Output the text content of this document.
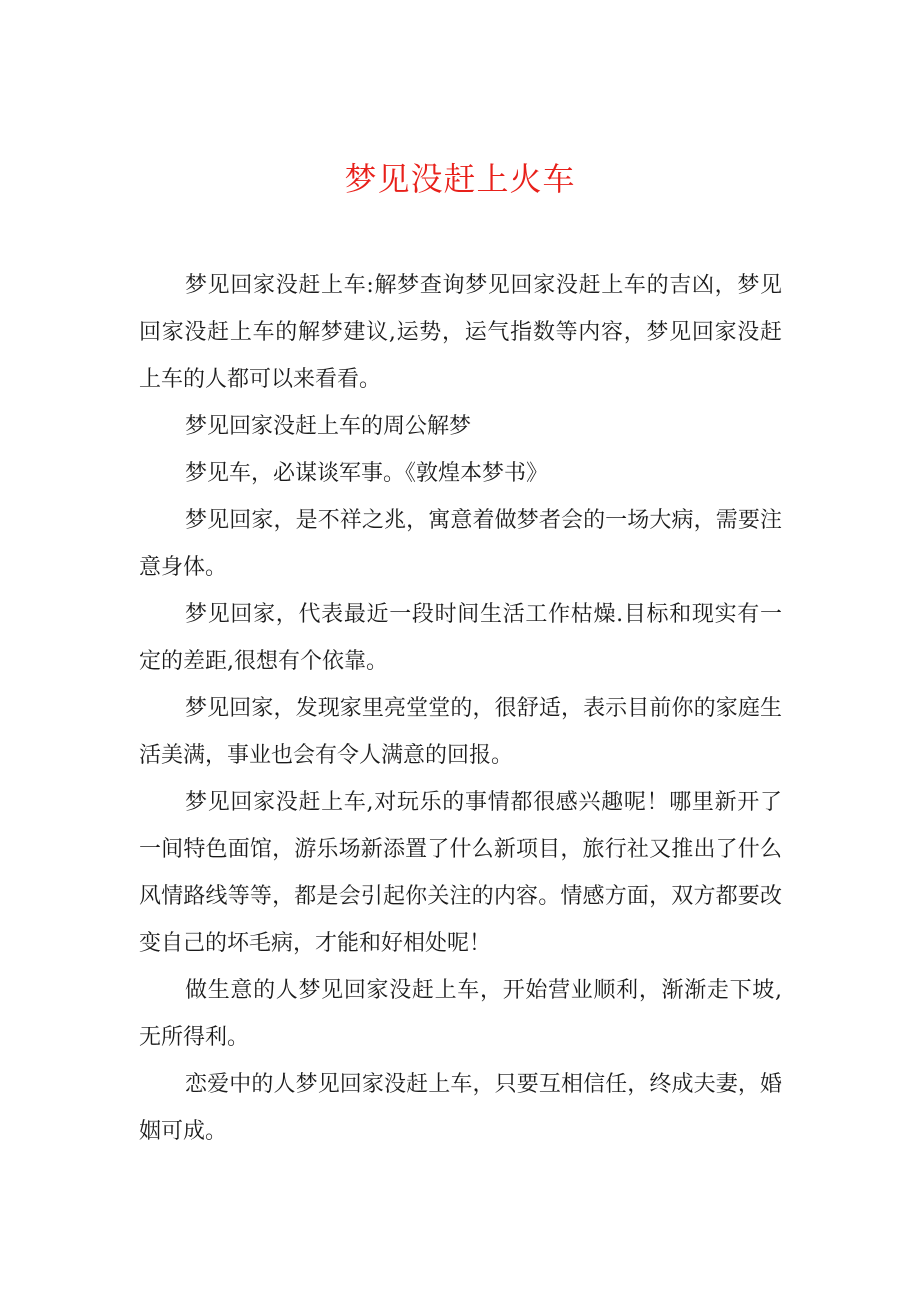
梦见没赶上火车

梦见回家没赶上车:解梦查询梦见回家没赶上车的吉凶，梦见回家没赶上车的解梦建议,运势，运气指数等内容，梦见回家没赶上车的人都可以来看看。

梦见回家没赶上车的周公解梦

梦见车，必谋谈军事。《敦煌本梦书》

梦见回家，是不祥之兆，寓意着做梦者会的一场大病，需要注意身体。

梦见回家，代表最近一段时间生活工作枯燥.目标和现实有一定的差距,很想有个依靠。

梦见回家，发现家里亮堂堂的，很舒适，表示目前你的家庭生活美满，事业也会有令人满意的回报。

梦见回家没赶上车,对玩乐的事情都很感兴趣呢！哪里新开了一间特色面馆，游乐场新添置了什么新项目，旅行社又推出了什么风情路线等等，都是会引起你关注的内容。情感方面，双方都要改变自己的坏毛病，才能和好相处呢！

做生意的人梦见回家没赶上车，开始营业顺利，渐渐走下坡,无所得利。

恋爱中的人梦见回家没赶上车，只要互相信任，终成夫妻，婚姻可成。
